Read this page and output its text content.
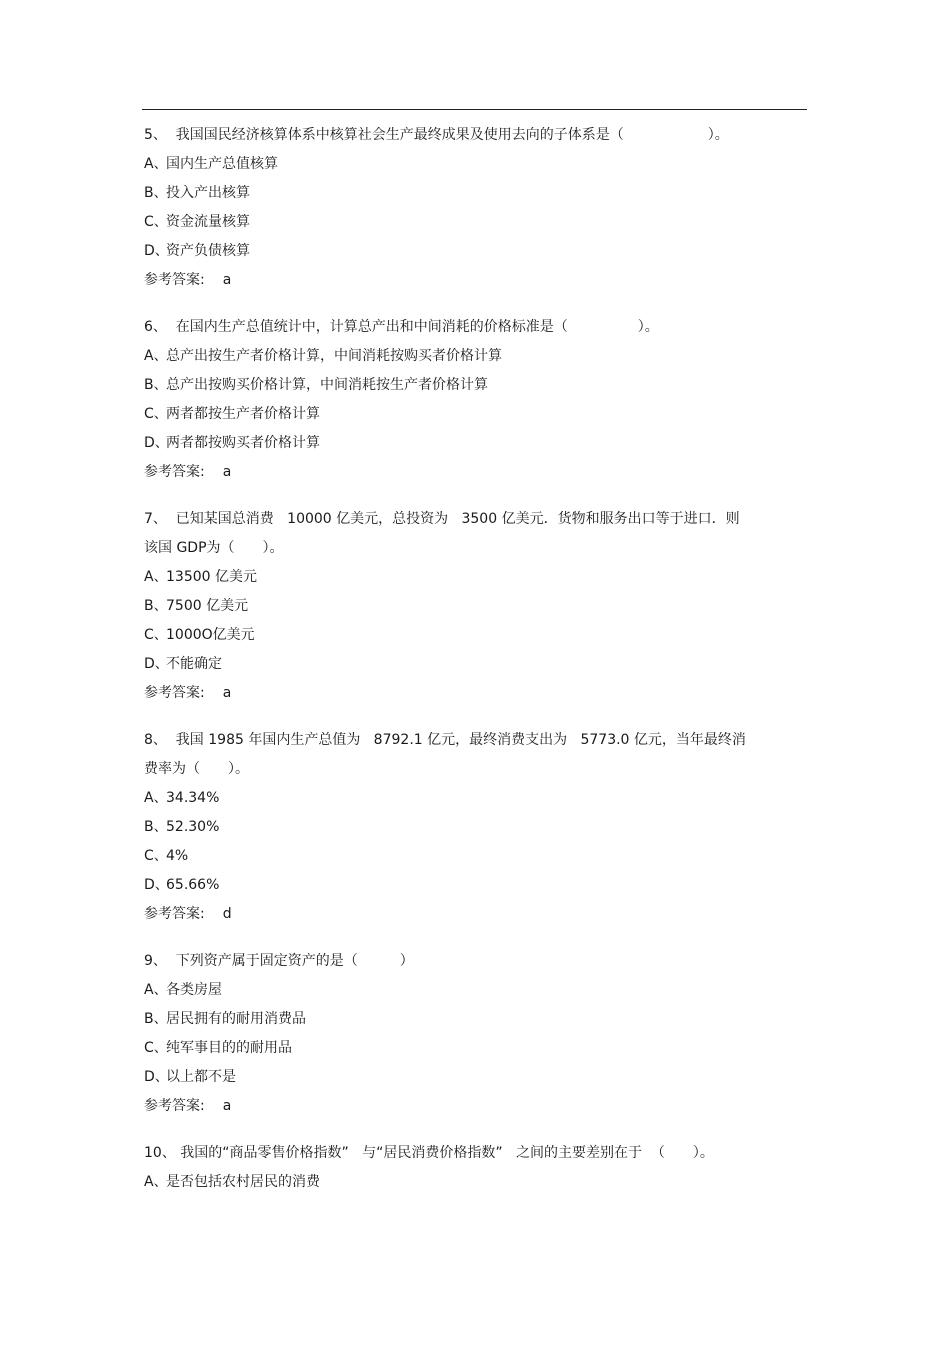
5、  我国国民经济核算体系中核算社会生产最终成果及使用去向的子体系是（　　　　　　）。
A、国内生产总值核算
B、投入产出核算
C、资金流量核算
D、资产负债核算
参考答案: a
6、  在国内生产总值统计中，计算总产出和中间消耗的价格标准是（　　　　　）。
A、总产出按生产者价格计算，中间消耗按购买者价格计算
B、总产出按购买价格计算，中间消耗按生产者价格计算
C、两者都按生产者价格计算
D、两者都按购买者价格计算
参考答案: a
7、  已知某国总消费   10000 亿美元，总投资为   3500 亿美元．货物和服务出口等于进口．则
该国 GDP为（　　）。
A、13500 亿美元
B、7500 亿美元
C、1000O亿美元
D、不能确定
参考答案: a
8、  我国 1985 年国内生产总值为   8792.1 亿元，最终消费支出为   5773.0 亿元，当年最终消
费率为（　　）。
A、34.34%
B、52.30%
C、4%
D、65.66%
参考答案: d
9、  下列资产属于固定资产的是（　　　）
A、各类房屋
B、居民拥有的耐用消费品
C、纯军事目的的耐用品
D、以上都不是
参考答案: a
10、 我国的“商品零售价格指数”   与“居民消费价格指数”   之间的主要差别在于  （　　）。
A、是否包括农村居民的消费
